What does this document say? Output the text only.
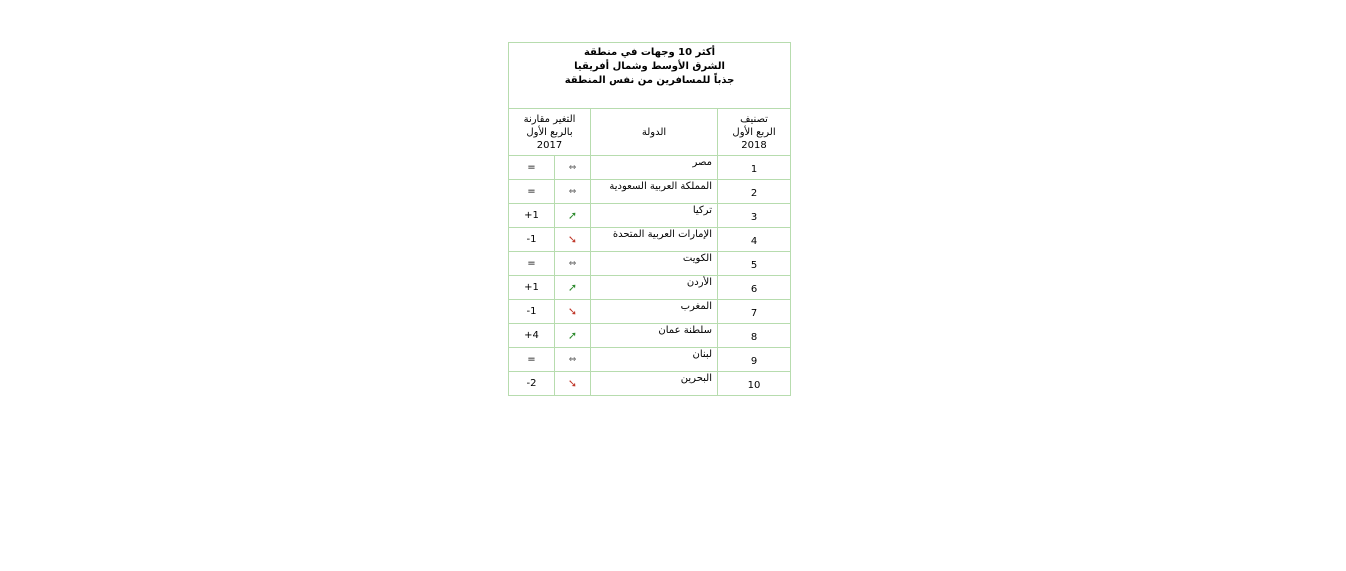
أكثر 10 وجهات في منطقة
الشرق الأوسط وشمال أفريقيا
جذباً للمسافرين من نفس المنطقة			

التغير مقارنة
بالربع الأول
2017		الدولة	تصنيف
الربع الأول
2018

=	⇔	مصر	1
=	⇔	المملكة العربية السعودية	2
+1	➚	تركيا	3
-1	➘	الإمارات العربية المتحدة	4
=	⇔	الكويت	5
+1	➚	الأردن	6
-1	➘	المغرب	7
+4	➚	سلطنة عمان	8
=	⇔	لبنان	9
-2	➘	البحرين	10
